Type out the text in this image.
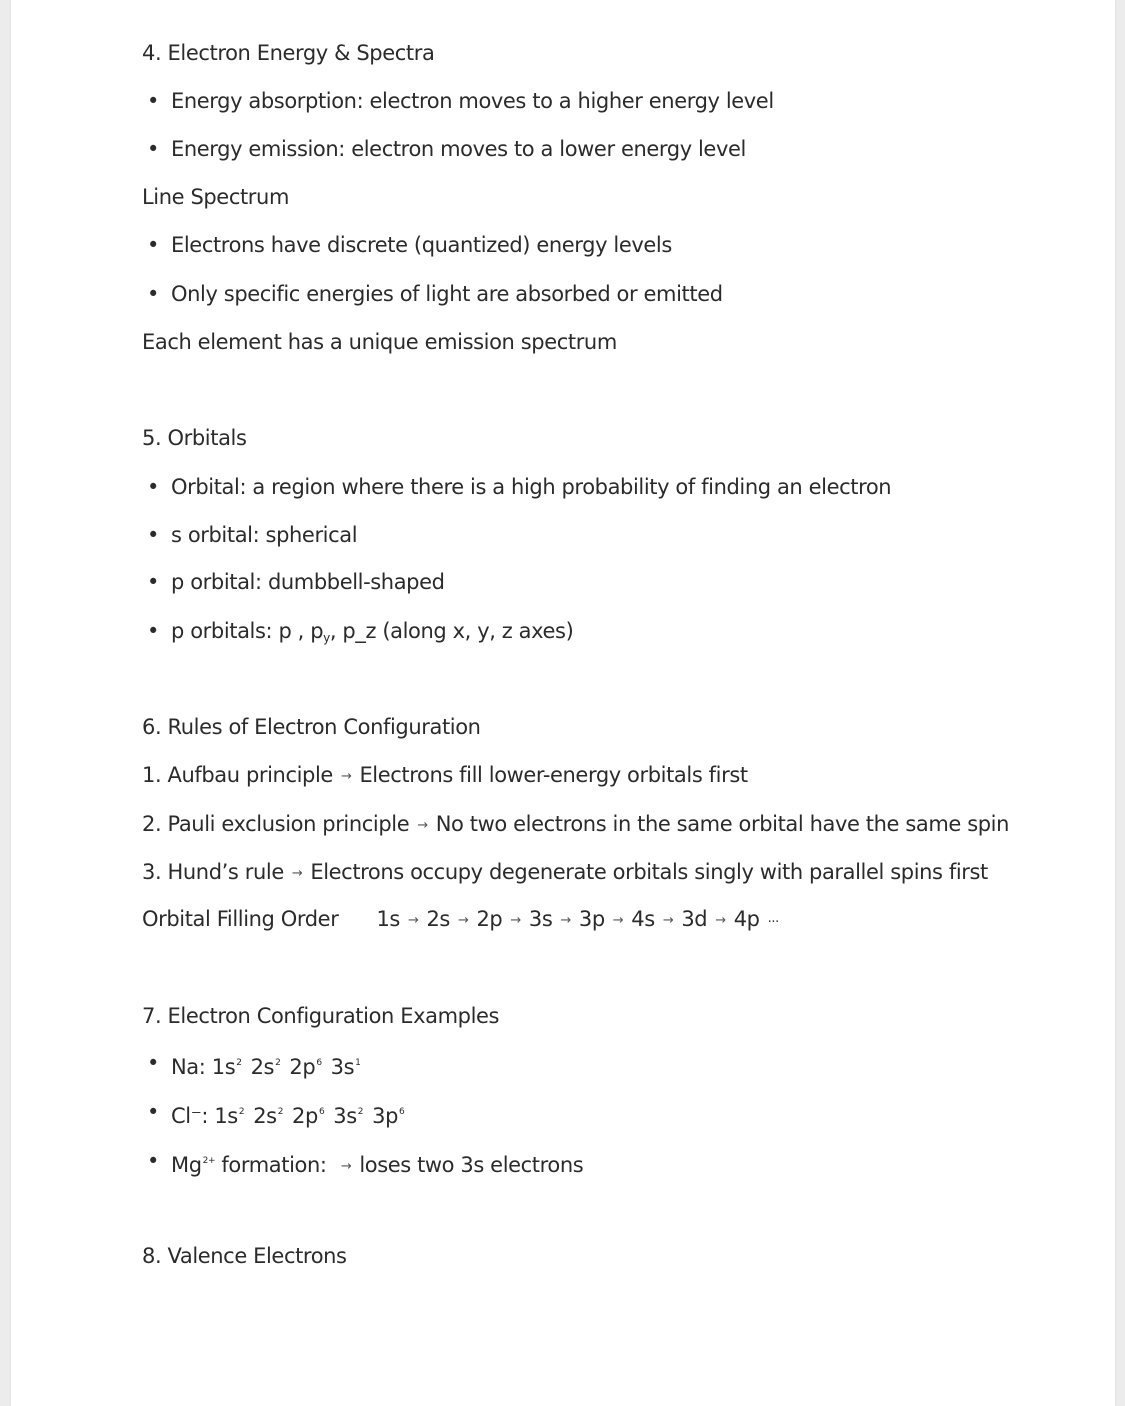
4. Electron Energy & Spectra
• Energy absorption: electron moves to a higher energy level
• Energy emission: electron moves to a lower energy level
Line Spectrum
• Electrons have discrete (quantized) energy levels
• Only specific energies of light are absorbed or emitted
Each element has a unique emission spectrum
5. Orbitals
• Orbital: a region where there is a high probability of finding an electron
• s orbital: spherical
• p orbital: dumbbell-shaped
• p orbitals: p , $p_y$, p_z (along x, y, z axes)
6. Rules of Electron Configuration
1. Aufbau principle → Electrons fill lower-energy orbitals first
2. Pauli exclusion principle → No two electrons in the same orbital have the same spin
3. Hund’s rule → Electrons occupy degenerate orbitals singly with parallel spins first
Orbital Filling Order 1s → 2s → 2p → 3s → 3p → 4s → 3d → 4p ···
7. Electron Configuration Examples
• Na: $1s^2$ $2s^2$ $2p^6$ $3s^1$
• Cl⁻: $1s^2$ $2s^2$ $2p^6$ $3s^2$ $3p^6$
• $Mg^{2+}$ formation: → loses two 3s electrons
8. Valence Electrons
